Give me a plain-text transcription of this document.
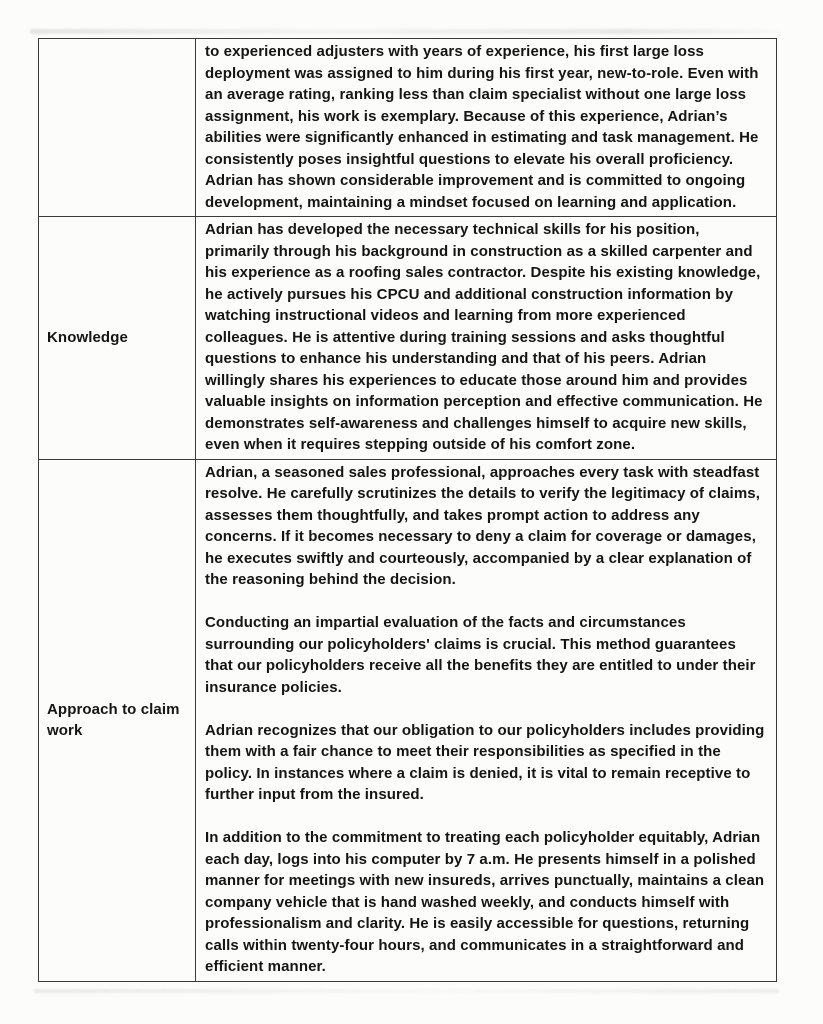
	to experienced adjusters with years of experience, his first large loss deployment was assigned to him during his first year, new-to-role. Even with an average rating, ranking less than claim specialist without one large loss assignment, his work is exemplary. Because of this experience, Adrian’s abilities were significantly enhanced in estimating and task management. He consistently poses insightful questions to elevate his overall proficiency. Adrian has shown considerable improvement and is committed to ongoing development, maintaining a mindset focused on learning and application.

Knowledge	Adrian has developed the necessary technical skills for his position, primarily through his background in construction as a skilled carpenter and his experience as a roofing sales contractor. Despite his existing knowledge, he actively pursues his CPCU and additional construction information by watching instructional videos and learning from more experienced colleagues. He is attentive during training sessions and asks thoughtful questions to enhance his understanding and that of his peers. Adrian willingly shares his experiences to educate those around him and provides valuable insights on information perception and effective communication. He demonstrates self-awareness and challenges himself to acquire new skills, even when it requires stepping outside of his comfort zone.

Approach to claim work	Adrian, a seasoned sales professional, approaches every task with steadfast resolve. He carefully scrutinizes the details to verify the legitimacy of claims, assesses them thoughtfully, and takes prompt action to address any concerns. If it becomes necessary to deny a claim for coverage or damages, he executes swiftly and courteously, accompanied by a clear explanation of the reasoning behind the decision.

Conducting an impartial evaluation of the facts and circumstances surrounding our policyholders' claims is crucial. This method guarantees that our policyholders receive all the benefits they are entitled to under their insurance policies.

Adrian recognizes that our obligation to our policyholders includes providing them with a fair chance to meet their responsibilities as specified in the policy. In instances where a claim is denied, it is vital to remain receptive to further input from the insured.

In addition to the commitment to treating each policyholder equitably, Adrian each day, logs into his computer by 7 a.m. He presents himself in a polished manner for meetings with new insureds, arrives punctually, maintains a clean company vehicle that is hand washed weekly, and conducts himself with professionalism and clarity. He is easily accessible for questions, returning calls within twenty-four hours, and communicates in a straightforward and efficient manner.
